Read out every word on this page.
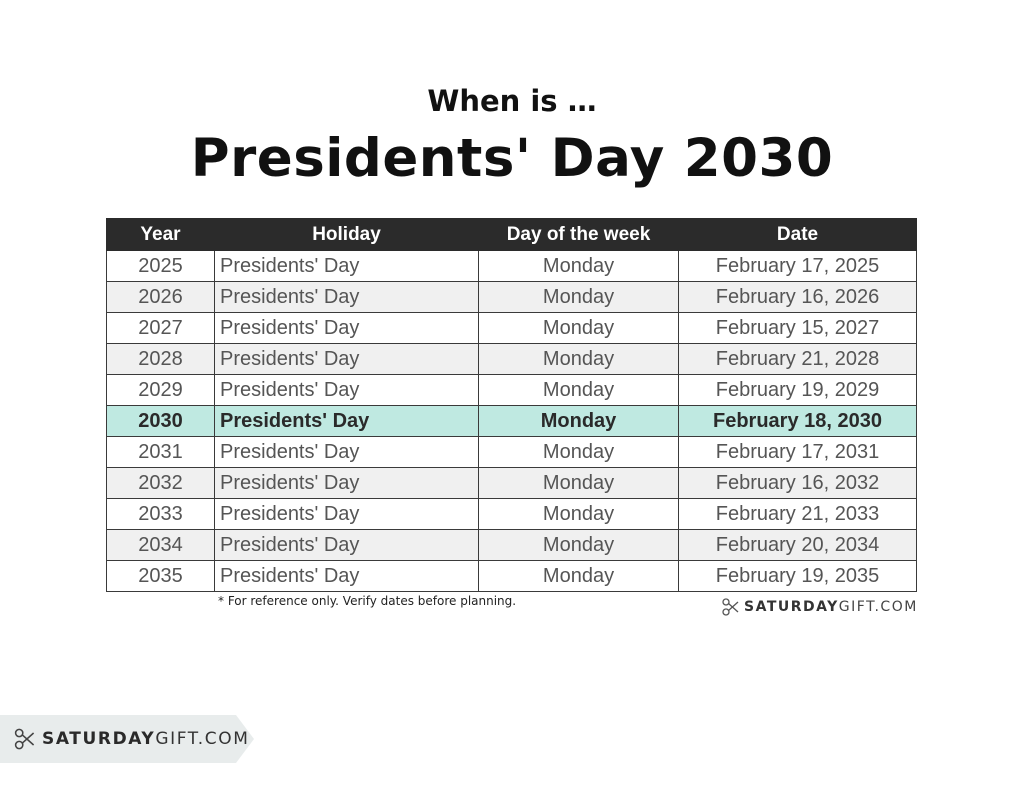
When is …
Presidents' Day 2030
Year	Holiday	Day of the week	Date
2025	Presidents' Day	Monday	February 17, 2025
2026	Presidents' Day	Monday	February 16, 2026
2027	Presidents' Day	Monday	February 15, 2027
2028	Presidents' Day	Monday	February 21, 2028
2029	Presidents' Day	Monday	February 19, 2029
2030	Presidents' Day	Monday	February 18, 2030
2031	Presidents' Day	Monday	February 17, 2031
2032	Presidents' Day	Monday	February 16, 2032
2033	Presidents' Day	Monday	February 21, 2033
2034	Presidents' Day	Monday	February 20, 2034
2035	Presidents' Day	Monday	February 19, 2035
* For reference only. Verify dates before planning.	SATURDAY GIFT.COM
SATURDAY GIFT.COM
